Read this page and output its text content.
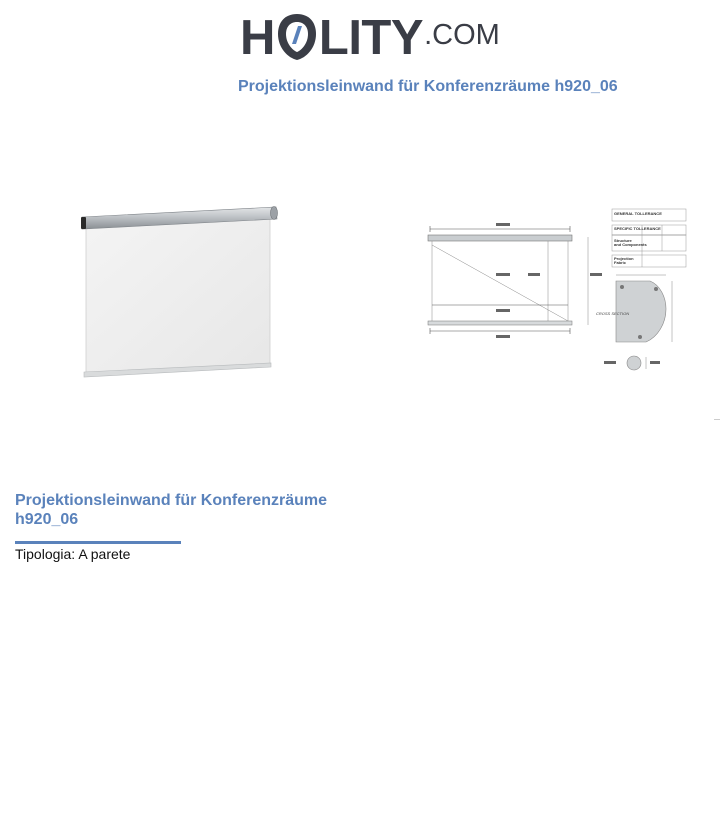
H LITY .COM
Projektionsleinwand für Konferenzräume h920_06
GENERAL TOLLERANCE
SPECIFIC TOLLERANCE
Structure
and Components
Projection
Fabric
CROSS SECTION
Projektionsleinwand für Konferenzräume h920_06
Tipologia: A parete
